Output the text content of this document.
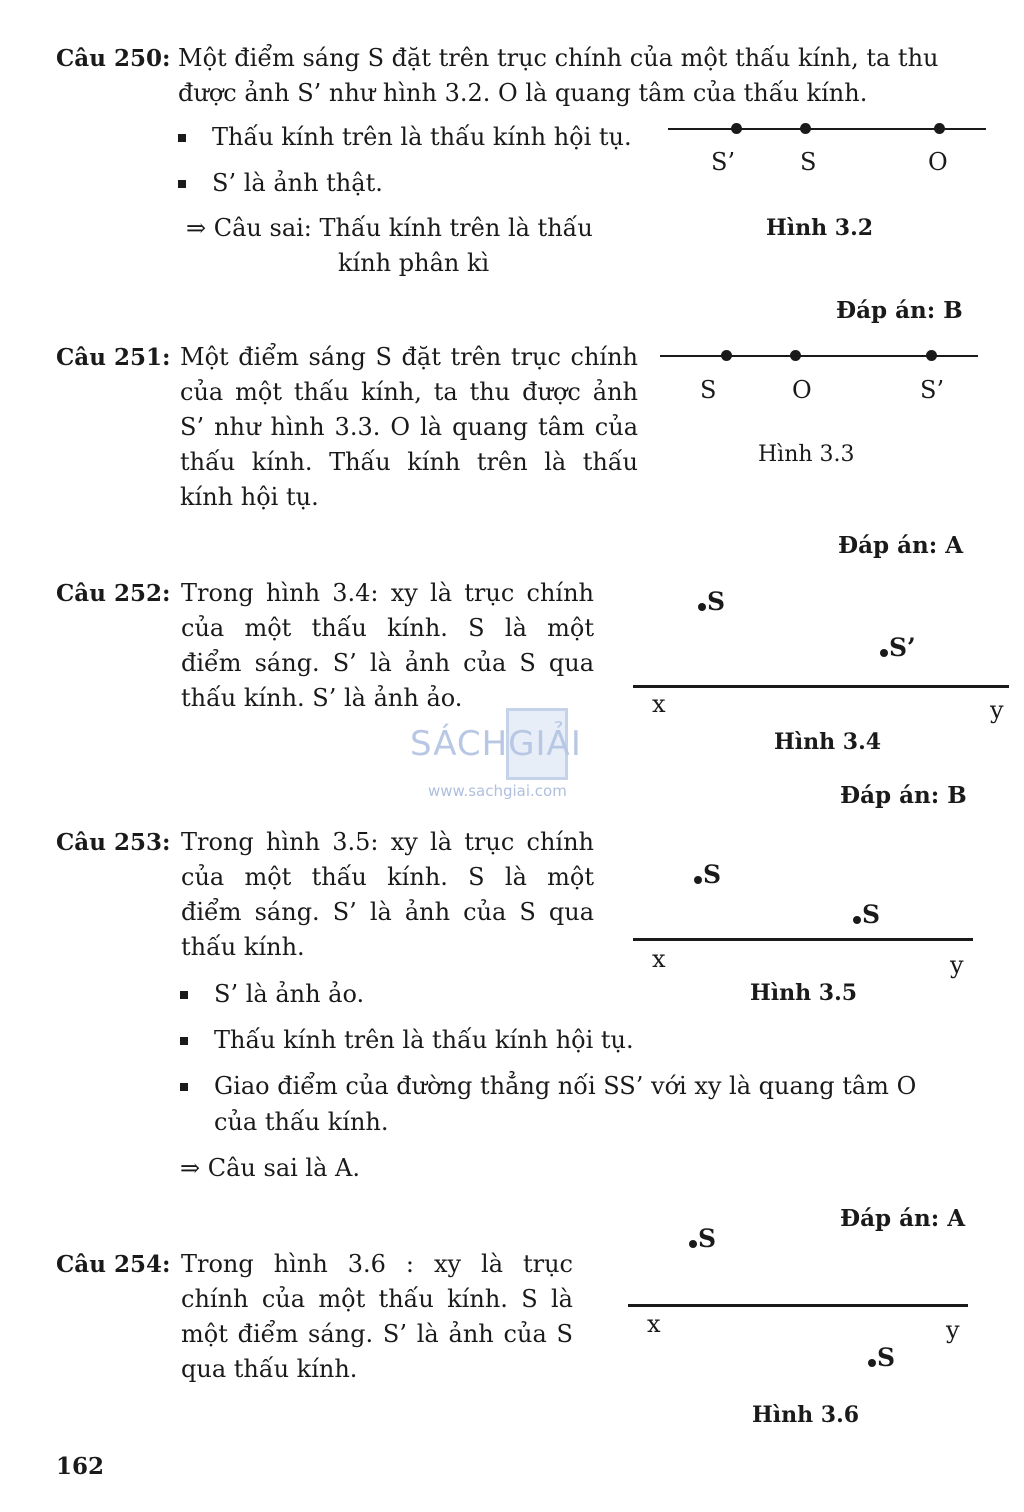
SÁCHGIẢI
www.sachgiai.com
Câu 250: Một điểm sáng S đặt trên trục chính của một thấu kính, ta thu
được ảnh S’ như hình 3.2. O là quang tâm của thấu kính.
Thấu kính trên là thấu kính hội tụ.
S’ là ảnh thật.
⇒ Câu sai: Thấu kính trên là thấu
kính phân kì
S’	S	O
Hình 3.2
Đáp án: B
Câu 251: Một điểm sáng S đặt trên trục chính
của một thấu kính, ta thu được ảnh
S’ như hình 3.3. O là quang tâm của
thấu kính. Thấu kính trên là thấu
kính hội tụ.
S	O	S’
Hình 3.3
Đáp án: A
Câu 252: Trong hình 3.4: xy là trục chính
của một thấu kính. S là một
điểm sáng. S’ là ảnh của S qua
thấu kính. S’ là ảnh ảo.
S
S’
x	y
Hình 3.4
Đáp án: B
Câu 253: Trong hình 3.5: xy là trục chính
của một thấu kính. S là một
điểm sáng. S’ là ảnh của S qua
thấu kính.
S
S
x	y
Hình 3.5
S’ là ảnh ảo.
Thấu kính trên là thấu kính hội tụ.
Giao điểm của đường thẳng nối SS’ với xy là quang tâm O
của thấu kính.
⇒ Câu sai là A.
Đáp án: A
Câu 254: Trong hình 3.6 : xy là trục
chính của một thấu kính. S là
một điểm sáng. S’ là ảnh của S
qua thấu kính.
S
x	y
S
Hình 3.6
162
